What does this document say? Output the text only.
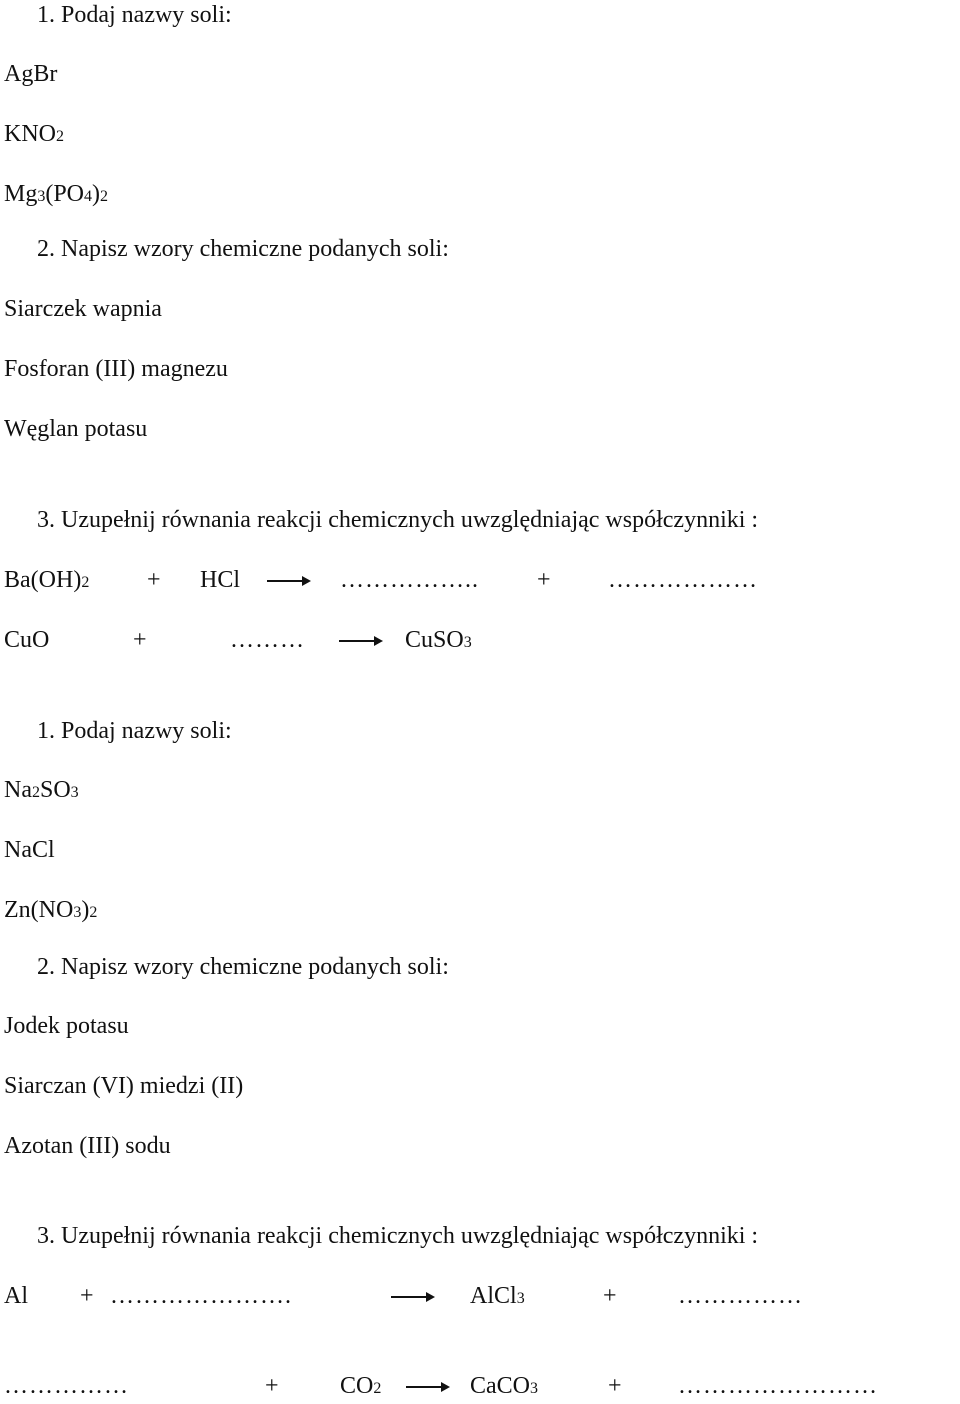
1. Podaj nazwy soli:
AgBr
KNO2
Mg3(PO4)2
2. Napisz wzory chemiczne podanych soli:
Siarczek wapnia
Fosforan (III) magnezu
Węglan potasu
3. Uzupełnij równania reakcji chemicznych uwzględniając współczynniki :
Ba(OH)2 + HCl	…………….. + ………………
CuO	+	………	CuSO3
1. Podaj nazwy soli:
Na2SO3
NaCl
Zn(NO3)2
2. Napisz wzory chemiczne podanych soli:
Jodek potasu
Siarczan (VI) miedzi (II)
Azotan (III) sodu
3. Uzupełnij równania reakcji chemicznych uwzględniając współczynniki :
Al + ………………….	AlCl3	+	……………
……………	+	CO2	CaCO3	+ ……………………
